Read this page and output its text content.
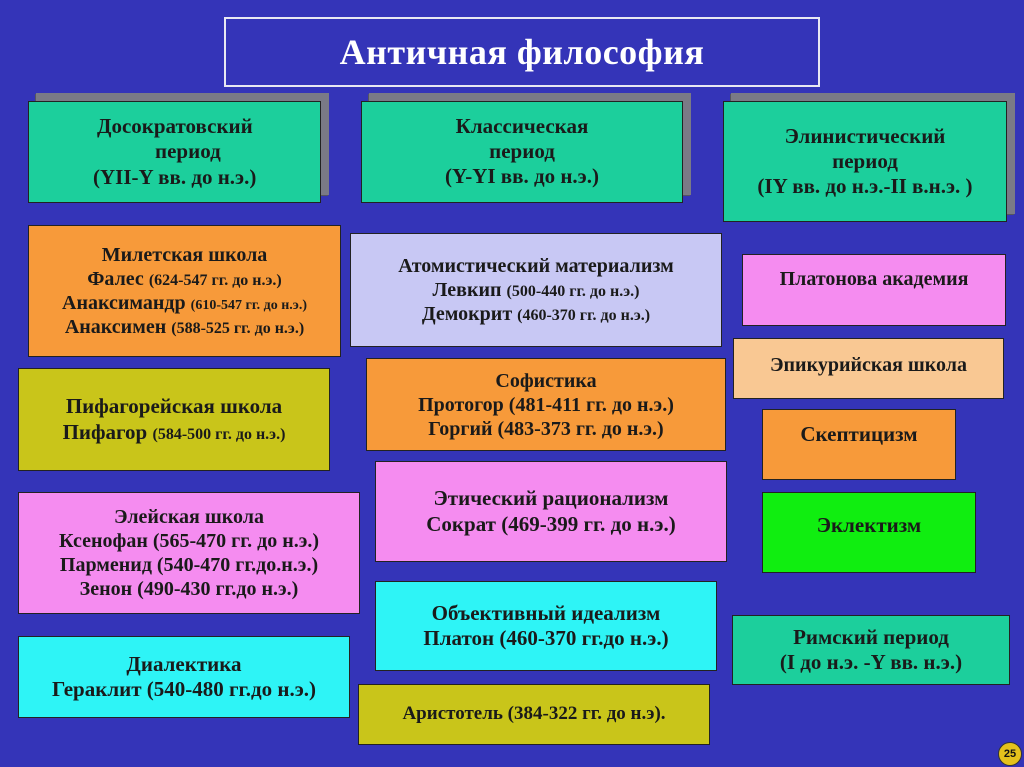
Античная философия
Досократовский
период
(YII-Y вв. до н.э.)
Классическая
период
(Y-YI вв. до н.э.)
Элинистический
период
(IY вв. до н.э.-II в.н.э. )
Милетская школа
Фалес (624-547 гг. до н.э.)
Анаксимандр (610-547 гг. до н.э.)
Анаксимен (588-525 гг. до н.э.)
Пифагорейская школа
Пифагор (584-500 гг. до н.э.)
Элейская школа
Ксенофан (565-470 гг. до н.э.)
Парменид (540-470 гг.до.н.э.)
Зенон (490-430 гг.до н.э.)
Диалектика
Гераклит (540-480 гг.до н.э.)
Атомистический материализм
Левкип (500-440 гг. до н.э.)
Демокрит (460-370 гг. до н.э.)
Софистика
Протогор (481-411 гг. до н.э.)
Горгий (483-373 гг. до н.э.)
Этический рационализм
Сократ (469-399 гг. до н.э.)
Объективный идеализм
Платон (460-370 гг.до н.э.)
Аристотель (384-322 гг. до н.э).
Платонова академия
Эпикурийская школа
Скептицизм
Эклектизм
Римский период
(I до н.э. -Y вв. н.э.)
25
